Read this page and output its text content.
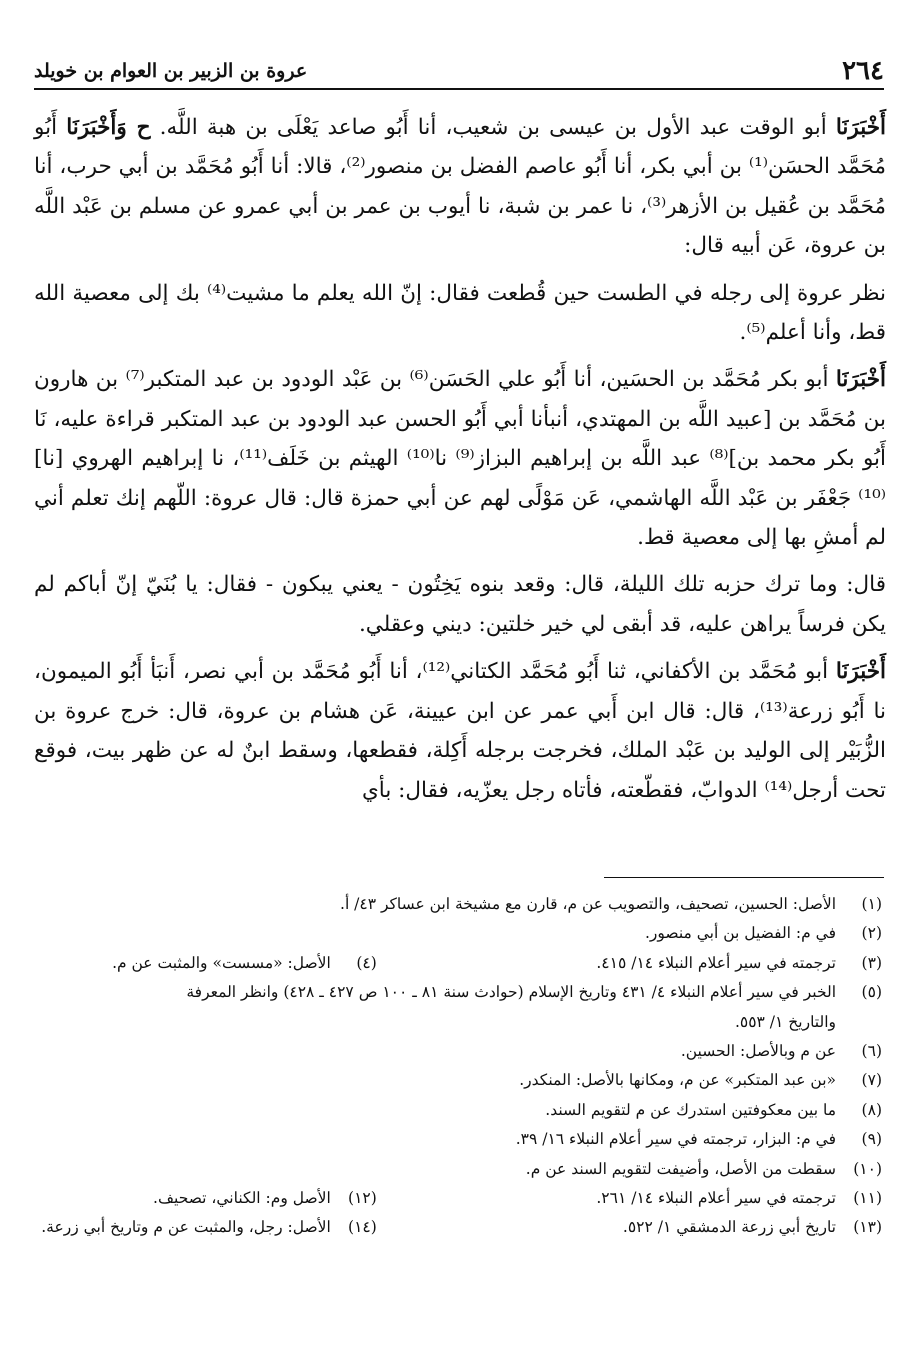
٢٦٤
عروة بن الزبير بن العوام بن خويلد

أَخْبَرَنَا أبو الوقت عبد الأول بن عيسى بن شعيب، أنا أَبُو صاعد يَعْلَى بن هبة اللَّه. ح وَأَخْبَرَنَا أَبُو مُحَمَّد الحسَن⁽¹⁾ بن أبي بكر، أنا أَبُو عاصم الفضل بن منصور⁽²⁾، قالا: أنا أَبُو مُحَمَّد بن أبي حرب، أنا مُحَمَّد بن عُقيل بن الأزهر⁽³⁾، نا عمر بن شبة، نا أيوب بن عمر بن أبي عمرو عن مسلم بن عَبْد اللَّه بن عروة، عَن أبيه قال:

نظر عروة إلى رجله في الطست حين قُطعت فقال: إنّ الله يعلم ما مشيت⁽⁴⁾ بك إلى معصية الله قط، وأنا أعلم⁽⁵⁾.

أَخْبَرَنَا أبو بكر مُحَمَّد بن الحسَين، أنا أَبُو علي الحَسَن⁽⁶⁾ بن عَبْد الودود بن عبد المتكبر⁽⁷⁾ بن هارون بن مُحَمَّد بن [عبيد اللَّه بن المهتدي، أنبأنا أبي أَبُو الحسن عبد الودود بن عبد المتكبر قراءة عليه، نَا أَبُو بكر محمد بن]⁽⁸⁾ عبد اللَّه بن إبراهيم البزاز⁽⁹⁾ نا⁽¹⁰⁾ الهيثم بن خَلَف⁽¹¹⁾، نا إبراهيم الهروي [نا]⁽¹⁰⁾ جَعْفَر بن عَبْد اللَّه الهاشمي، عَن مَوْلًى لهم عن أبي حمزة قال: قال عروة: اللّهم إنك تعلم أني لم أمشِ بها إلى معصية قط.

قال: وما ترك حزبه تلك الليلة، قال: وقعد بنوه يَخِتُون - يعني يبكون - فقال: يا بُنَيّ إنّ أباكم لم يكن فرساً يراهن عليه، قد أبقى لي خير خلتين: ديني وعقلي.

أَخْبَرَنَا أبو مُحَمَّد بن الأكفاني، ثنا أَبُو مُحَمَّد الكتاني⁽¹²⁾، أنا أَبُو مُحَمَّد بن أبي نصر، أَنبَأ أَبُو الميمون، نا أَبُو زرعة⁽¹³⁾، قال: قال ابن أَبي عمر عن ابن عيينة، عَن هشام بن عروة، قال: خرج عروة بن الزُّبَيْر إلى الوليد بن عَبْد الملك، فخرجت برجله أَكِلة، فقطعها، وسقط ابنٌ له عن ظهر بيت، فوقع تحت أرجل⁽¹⁴⁾ الدوابّ، فقطّعته، فأتاه رجل يعزّيه، فقال: بأي

(١)
الأصل: الحسين، تصحيف، والتصويب عن م، قارن مع مشيخة ابن عساكر ٤٣/ أ.
(٢)
في م: الفضيل بن أبي منصور.
(٣)
ترجمته في سير أعلام النبلاء ١٤/ ٤١٥.
(٤)
الأصل: «مسست» والمثبت عن م.
(٥)
الخبر في سير أعلام النبلاء ٤/ ٤٣١ وتاريخ الإسلام (حوادث سنة ٨١ ـ ١٠٠ ص ٤٢٧ ـ ٤٢٨) وانظر المعرفة
والتاريخ ١/ ٥٥٣.
(٦)
عن م وبالأصل: الحسين.
(٧)
«بن عبد المتكبر» عن م، ومكانها بالأصل: المنكدر.
(٨)
ما بين معكوفتين استدرك عن م لتقويم السند.
(٩)
في م: البزار، ترجمته في سير أعلام النبلاء ١٦/ ٣٩.
(١٠)
سقطت من الأصل، وأضيفت لتقويم السند عن م.
(١١)
ترجمته في سير أعلام النبلاء ١٤/ ٢٦١.
(١٢)
الأصل وم: الكناني، تصحيف.
(١٣)
تاريخ أبي زرعة الدمشقي ١/ ٥٢٢.
(١٤)
الأصل: رجل، والمثبت عن م وتاريخ أبي زرعة.
